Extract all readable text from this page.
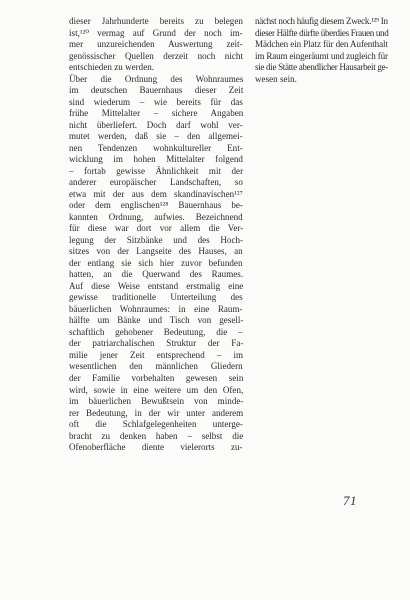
dieser Jahrhunderte bereits zu belegen
ist,¹²⁰ vermag auf Grund der noch im-
mer unzureichenden Auswertung zeit-
genössischer Quellen derzeit noch nicht
entschieden zu werden.
Über die Ordnung des Wohnraumes
im deutschen Bauernhaus dieser Zeit
sind wiederum – wie bereits für das
frühe Mittelalter – sichere Angaben
nicht überliefert. Doch darf wohl ver-
mutet werden, daß sie – den allgemei-
nen Tendenzen wohnkultureller Ent-
wicklung im hohen Mittelalter folgend
– fortab gewisse Ähnlichkeit mit der
anderer europäischer Landschaften, so
etwa mit der aus dem skandinavischen¹²⁷
oder dem englischen¹²⁸ Bauernhaus be-
kannten Ordnung, aufwies. Bezeichnend
für diese war dort vor allem die Ver-
legung der Sitzbänke und des Hoch-
sitzes von der Langseite des Hauses, an
der entlang sie sich hier zuvor befunden
hatten, an die Querwand des Raumes.
Auf diese Weise entstand erstmalig eine
gewisse traditionelle Unterteilung des
bäuerlichen Wohnraumes: in eine Raum-
hälfte um Bänke und Tisch von gesell-
schaftlich gehobener Bedeutung, die –
der patriarchalischen Struktur der Fa-
milie jener Zeit entsprechend – im
wesentlichen den männlichen Gliedern
der Familie vorbehalten gewesen sein
wird, sowie in eine weitere um den Ofen,
im bäuerlichen Bewußtsein von minde-
rer Bedeutung, in der wir unter anderem
oft die Schlafgelegenheiten unterge-
bracht zu denken haben – selbst die
Ofenoberfläche diente vielerorts zu-
nächst noch häufig diesem Zweck.¹²⁹ In
dieser Hälfte dürfte überdies Frauen und
Mädchen ein Platz für den Aufenthalt
im Raum eingeräumt und zugleich für
sie die Stätte abendlicher Hausarbeit ge-
wesen sein.
71
